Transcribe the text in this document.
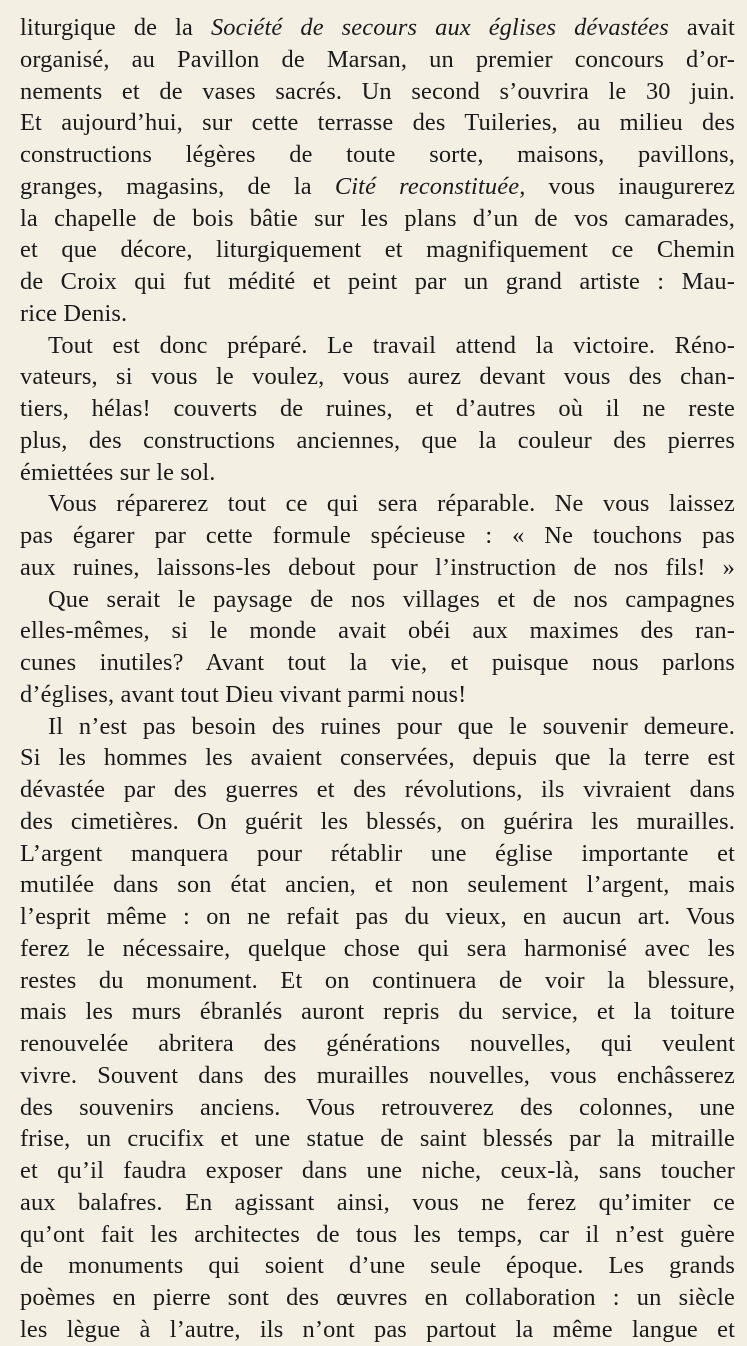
liturgique de la Société de secours aux églises dévastées avait
organisé, au Pavillon de Marsan, un premier concours d’or-
nements et de vases sacrés. Un second s’ouvrira le 30 juin.
Et aujourd’hui, sur cette terrasse des Tuileries, au milieu des
constructions légères de toute sorte, maisons, pavillons,
granges, magasins, de la Cité reconstituée, vous inaugurerez
la chapelle de bois bâtie sur les plans d’un de vos camarades,
et que décore, liturgiquement et magnifiquement ce Chemin
de Croix qui fut médité et peint par un grand artiste : Mau-
rice Denis.
Tout est donc préparé. Le travail attend la victoire. Réno-
vateurs, si vous le voulez, vous aurez devant vous des chan-
tiers, hélas! couverts de ruines, et d’autres où il ne reste
plus, des constructions anciennes, que la couleur des pierres
émiettées sur le sol.
Vous réparerez tout ce qui sera réparable. Ne vous laissez
pas égarer par cette formule spécieuse : « Ne touchons pas
aux ruines, laissons-les debout pour l’instruction de nos fils! »
Que serait le paysage de nos villages et de nos campagnes
elles-mêmes, si le monde avait obéi aux maximes des ran-
cunes inutiles? Avant tout la vie, et puisque nous parlons
d’églises, avant tout Dieu vivant parmi nous!
Il n’est pas besoin des ruines pour que le souvenir demeure.
Si les hommes les avaient conservées, depuis que la terre est
dévastée par des guerres et des révolutions, ils vivraient dans
des cimetières. On guérit les blessés, on guérira les murailles.
L’argent manquera pour rétablir une église importante et
mutilée dans son état ancien, et non seulement l’argent, mais
l’esprit même : on ne refait pas du vieux, en aucun art. Vous
ferez le nécessaire, quelque chose qui sera harmonisé avec les
restes du monument. Et on continuera de voir la blessure,
mais les murs ébranlés auront repris du service, et la toiture
renouvelée abritera des générations nouvelles, qui veulent
vivre. Souvent dans des murailles nouvelles, vous enchâsserez
des souvenirs anciens. Vous retrouverez des colonnes, une
frise, un crucifix et une statue de saint blessés par la mitraille
et qu’il faudra exposer dans une niche, ceux-là, sans toucher
aux balafres. En agissant ainsi, vous ne ferez qu’imiter ce
qu’ont fait les architectes de tous les temps, car il n’est guère
de monuments qui soient d’une seule époque. Les grands
poèmes en pierre sont des œuvres en collaboration : un siècle
les lègue à l’autre, ils n’ont pas partout la même langue et
